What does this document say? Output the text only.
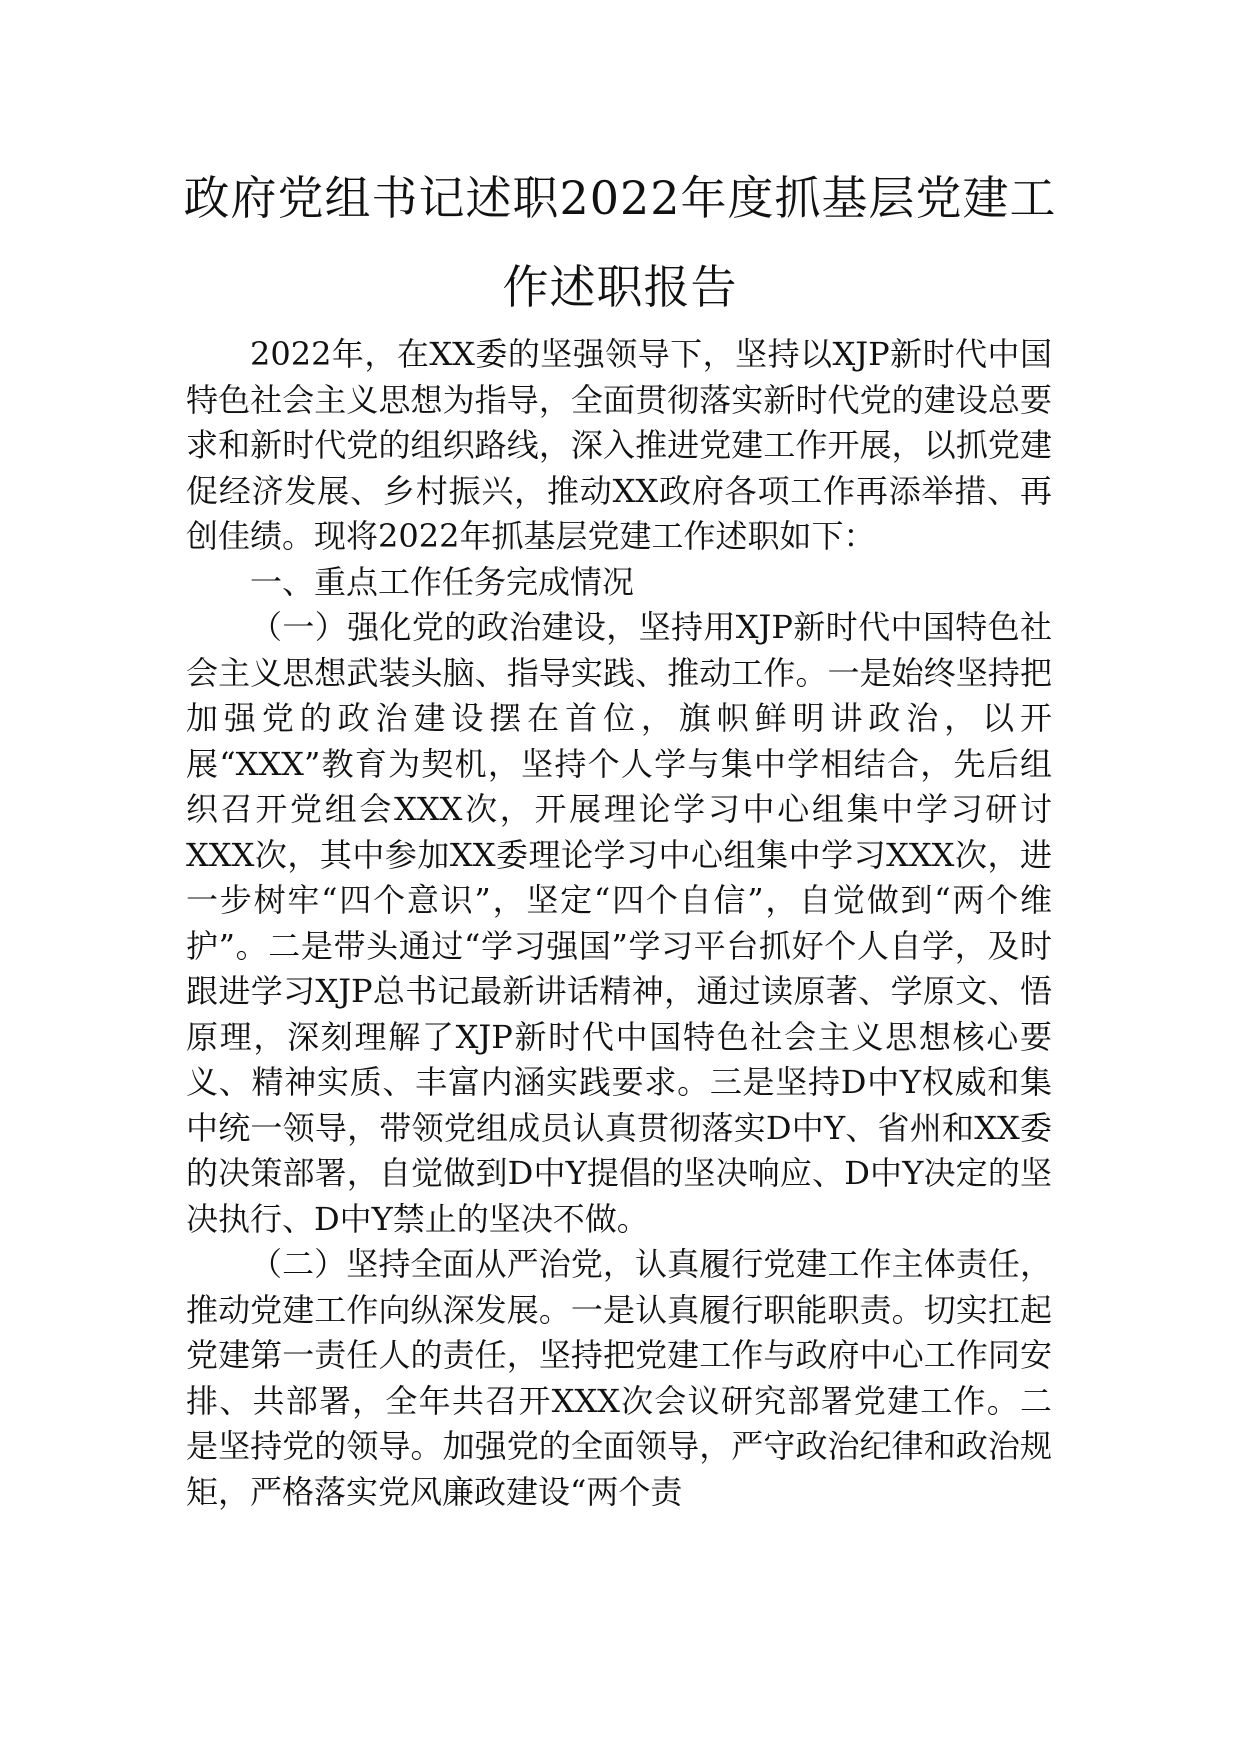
政府党组书记述职2022年度抓基层党建工
作述职报告

2022年，在XX委的坚强领导下，坚持以XJP新时代中国特色社会主义思想为指导，全面贯彻落实新时代党的建设总要求和新时代党的组织路线，深入推进党建工作开展，以抓党建促经济发展、乡村振兴，推动XX政府各项工作再添举措、再创佳绩。现将2022年抓基层党建工作述职如下：

一、重点工作任务完成情况

（一）强化党的政治建设，坚持用XJP新时代中国特色社会主义思想武装头脑、指导实践、推动工作。一是始终坚持把加强党的政治建设摆在首位，旗帜鲜明讲政治，以开展“XXX”教育为契机，坚持个人学与集中学相结合，先后组织召开党组会XXX次，开展理论学习中心组集中学习研讨XXX次，其中参加XX委理论学习中心组集中学习XXX次，进一步树牢“四个意识”，坚定“四个自信”，自觉做到“两个维护”。二是带头通过“学习强国”学习平台抓好个人自学，及时跟进学习XJP总书记最新讲话精神，通过读原著、学原文、悟原理，深刻理解了XJP新时代中国特色社会主义思想核心要义、精神实质、丰富内涵实践要求。三是坚持D中Y权威和集中统一领导，带领党组成员认真贯彻落实D中Y、省州和XX委的决策部署，自觉做到D中Y提倡的坚决响应、D中Y决定的坚决执行、D中Y禁止的坚决不做。

（二）坚持全面从严治党，认真履行党建工作主体责任，推动党建工作向纵深发展。一是认真履行职能职责。切实扛起党建第一责任人的责任，坚持把党建工作与政府中心工作同安排、共部署，全年共召开XXX次会议研究部署党建工作。二是坚持党的领导。加强党的全面领导，严守政治纪律和政治规矩，严格落实党风廉政建设“两个责
